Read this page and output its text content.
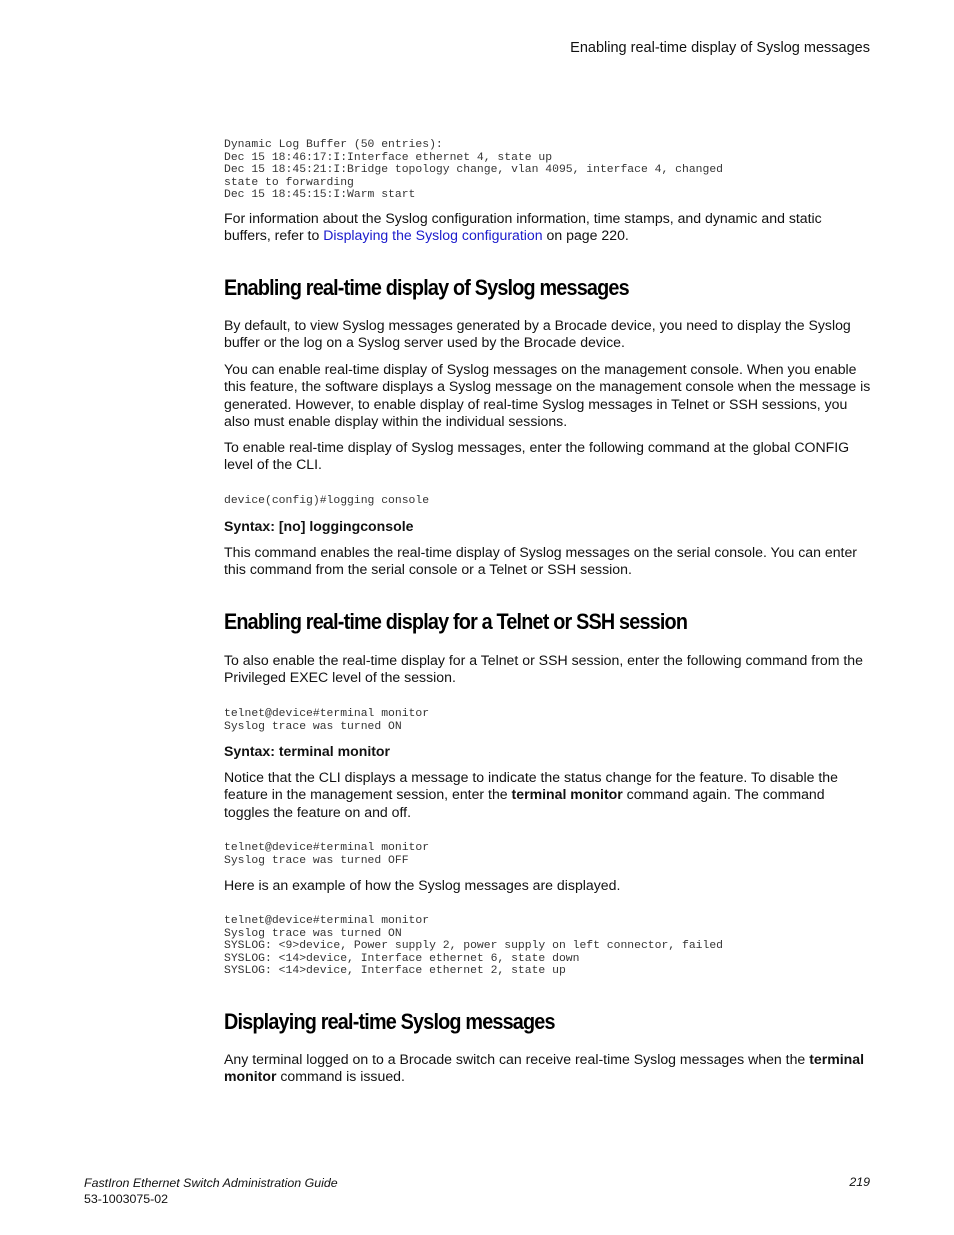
Enabling real-time display of Syslog messages
Dynamic Log Buffer (50 entries):
Dec 15 18:46:17:I:Interface ethernet 4, state up
Dec 15 18:45:21:I:Bridge topology change, vlan 4095, interface 4, changed
state to forwarding
Dec 15 18:45:15:I:Warm start

For information about the Syslog configuration information, time stamps, and dynamic and static buffers, refer to Displaying the Syslog configuration on page 220.

Enabling real-time display of Syslog messages

By default, to view Syslog messages generated by a Brocade device, you need to display the Syslog buffer or the log on a Syslog server used by the Brocade device.

You can enable real-time display of Syslog messages on the management console. When you enable this feature, the software displays a Syslog message on the management console when the message is generated. However, to enable display of real-time Syslog messages in Telnet or SSH sessions, you also must enable display within the individual sessions.

To enable real-time display of Syslog messages, enter the following command at the global CONFIG level of the CLI.

device(config)#logging console

Syntax: [no] loggingconsole

This command enables the real-time display of Syslog messages on the serial console. You can enter this command from the serial console or a Telnet or SSH session.

Enabling real-time display for a Telnet or SSH session

To also enable the real-time display for a Telnet or SSH session, enter the following command from the Privileged EXEC level of the session.

telnet@device#terminal monitor
Syslog trace was turned ON

Syntax: terminal monitor

Notice that the CLI displays a message to indicate the status change for the feature. To disable the feature in the management session, enter the terminal monitor command again. The command toggles the feature on and off.

telnet@device#terminal monitor
Syslog trace was turned OFF

Here is an example of how the Syslog messages are displayed.

telnet@device#terminal monitor
Syslog trace was turned ON
SYSLOG: <9>device, Power supply 2, power supply on left connector, failed
SYSLOG: <14>device, Interface ethernet 6, state down
SYSLOG: <14>device, Interface ethernet 2, state up
Displaying real-time Syslog messages

Any terminal logged on to a Brocade switch can receive real-time Syslog messages when the terminal monitor command is issued.

FastIron Ethernet Switch Administration Guide
53-1003075-02
219
